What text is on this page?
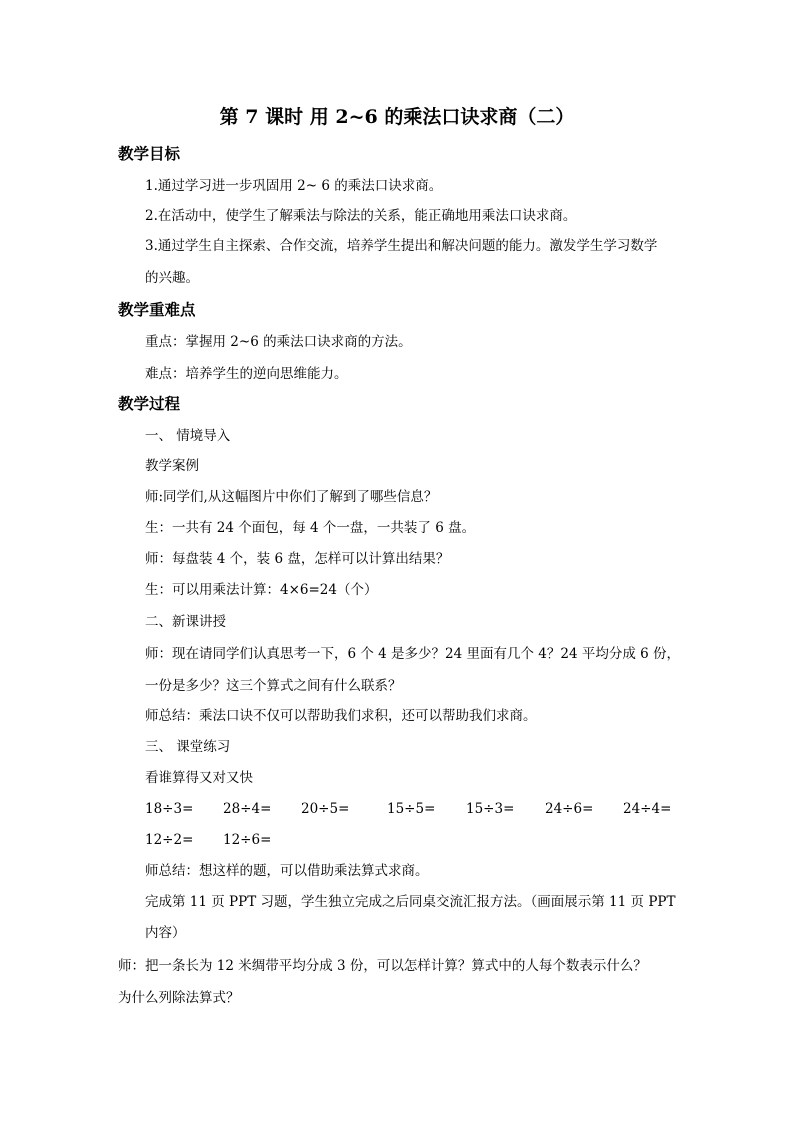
第 7 课时 用 2~6 的乘法口诀求商（二）
教学目标
1.通过学习进一步巩固用 2~ 6 的乘法口诀求商。
2.在活动中，使学生了解乘法与除法的关系，能正确地用乘法口诀求商。
3.通过学生自主探索、合作交流，培养学生提出和解决问题的能力。激发学生学习数学
的兴趣。
教学重难点
重点：掌握用 2~6 的乘法口诀求商的方法。
难点：培养学生的逆向思维能力。
教学过程
一、 情境导入
教学案例
师:同学们,从这幅图片中你们了解到了哪些信息？
生：一共有 24 个面包，每 4 个一盘，一共装了 6 盘。
师：每盘装 4 个，装 6 盘，怎样可以计算出结果？
生：可以用乘法计算：4×6=24（个）
二、新课讲授
师：现在请同学们认真思考一下，6 个 4 是多少？24 里面有几个 4？24 平均分成 6 份，
一份是多少？这三个算式之间有什么联系？
师总结：乘法口诀不仅可以帮助我们求积，还可以帮助我们求商。
三、 课堂练习
看谁算得又对又快
18÷3= 28÷4= 20÷5=	15÷5= 15÷3= 24÷6= 24÷4=
12÷2= 12÷6=
师总结：想这样的题，可以借助乘法算式求商。
完成第 11 页 PPT 习题，学生独立完成之后同桌交流汇报方法。（画面展示第 11 页 PPT
内容）
师：把一条长为 12 米绸带平均分成 3 份，可以怎样计算？算式中的人每个数表示什么？
为什么列除法算式？
